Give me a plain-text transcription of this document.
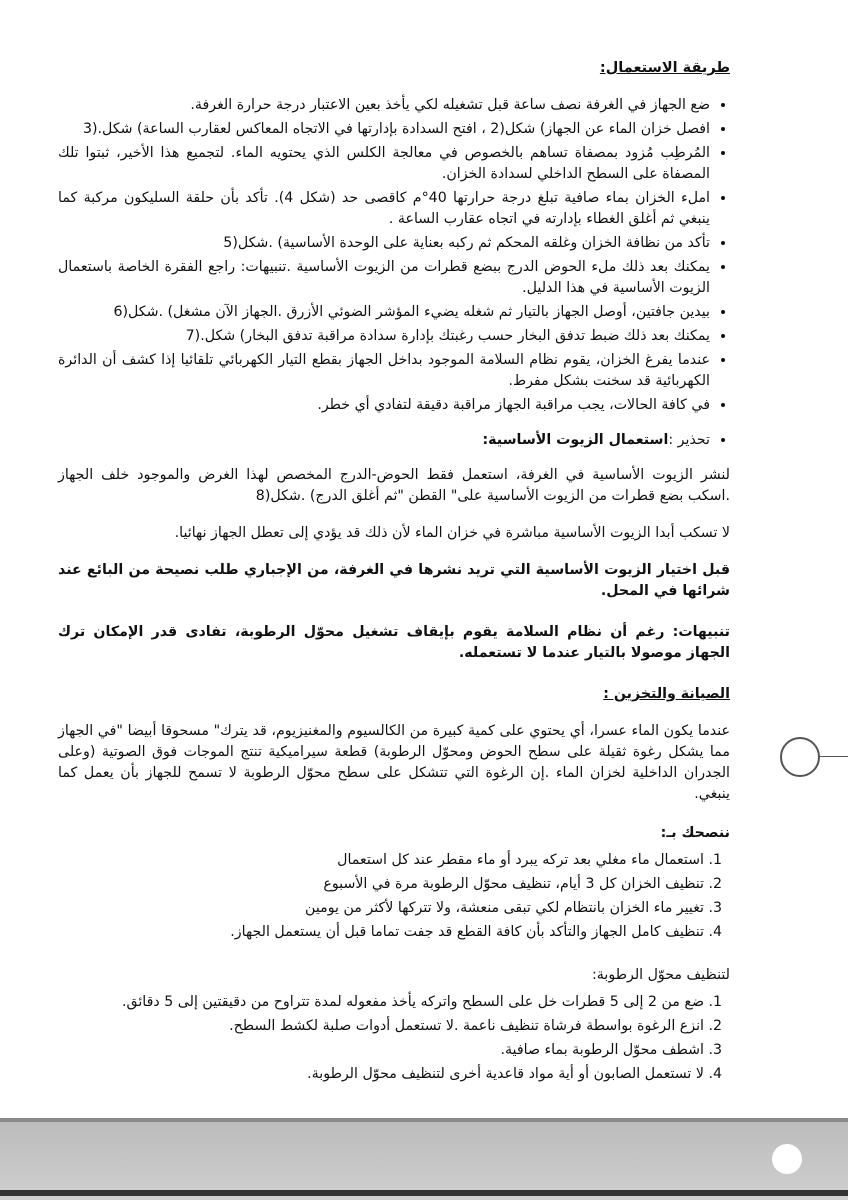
طريقة الاستعمال:
• ضع الجهاز في الغرفة نصف ساعة قبل تشغيله لكي يأخذ بعين الاعتبار درجة حرارة الغرفة.
• افصل خزان الماء عن الجهاز) شكل(2 ، افتح السدادة بإدارتها في الاتجاه المعاكس لعقارب الساعة) شكل.(3
• المُرطِب مُزود بمصفاة تساهم بالخصوص في معالجة الكلس الذي يحتويه الماء. لتجميع هذا الأخير، ثبتوا تلك المصفاة على السطح الداخلي لسدادة الخزان.
• املء الخزان بماء صافية تبلغ درجة حرارتها 40°م كاقصى حد (شكل 4). تأكد بأن حلقة السليكون مركبة كما ينبغي ثم أغلق الغطاء بإدارته في اتجاه عقارب الساعة .
• تأكد من نظافة الخزان وغلقه المحكم ثم ركبه بعناية على الوحدة الأساسية) .شكل(5
• يمكنك بعد ذلك ملء الحوض الدرج ببضع قطرات من الزيوت الأساسية .تنبيهات: راجع الفقرة الخاصة باستعمال الزيوت الأساسية في هذا الدليل.
• بيدين جافتين، أوصل الجهاز بالتيار ثم شغله يضيء المؤشر الضوئي الأزرق .الجهاز الآن مشغل) .شكل(6
• يمكنك بعد ذلك ضبط تدفق البخار حسب رغبتك بإدارة سدادة مراقبة تدفق البخار) شكل.(7
• عندما يفرغ الخزان، يقوم نظام السلامة الموجود بداخل الجهاز بقطع التيار الكهربائي تلقائيا إذا كشف أن الدائرة الكهربائية قد سخنت بشكل مفرط.
• في كافة الحالات، يجب مراقبة الجهاز مراقبة دقيقة لتفادي أي خطر.
• تحذير :استعمال الزيوت الأساسية:

لنشر الزيوت الأساسية في الغرفة، استعمل فقط الحوض-الدرج المخصص لهذا الغرض والموجود خلف الجهاز .اسكب بضع قطرات من الزيوت الأساسية على" القطن "ثم أغلق الدرج) .شكل(8

لا تسكب أبدا الزيوت الأساسية مباشرة في خزان الماء لأن ذلك قد يؤدي إلى تعطل الجهاز نهائيا.

قبل اختيار الزيوت الأساسية التي تريد نشرها في الغرفة، من الإجباري طلب نصيحة من البائع عند شرائها في المحل.

تنبيهات: رغم أن نظام السلامة يقوم بإيقاف تشغيل محوّل الرطوبة، تفادى قدر الإمكان ترك الجهاز موصولا بالتيار عندما لا تستعمله.

الصيانة والتخزين :

عندما يكون الماء عسرا، أي يحتوي على كمية كبيرة من الكالسيوم والمغنيزيوم، قد يترك" مسحوقا أبيضا "في الجهاز مما يشكل رغوة ثقيلة على سطح الحوض ومحوّل الرطوبة) قطعة سيراميكية تنتج الموجات فوق الصوتية (وعلى الجدران الداخلية لخزان الماء .إن الرغوة التي تتشكل على سطح محوّل الرطوبة لا تسمح للجهاز بأن يعمل كما ينبغي.

ننصحك بـ:

1. استعمال ماء مغلي بعد تركه يبرد أو ماء مقطر عند كل استعمال
2. تنظيف الخزان كل 3 أيام، تنظيف محوّل الرطوبة مرة في الأسبوع
3. تغيير ماء الخزان بانتظام لكي تبقى منعشة، ولا تتركها لأكثر من يومين
4. تنظيف كامل الجهاز والتأكد بأن كافة القطع قد جفت تماما قبل أن يستعمل الجهاز.

لتنظيف محوّل الرطوبة:

1. ضع من 2 إلى 5 قطرات خل على السطح واتركه يأخذ مفعوله لمدة تتراوح من دقيقتين إلى 5 دقائق.
2. انزع الرغوة بواسطة فرشاة تنظيف ناعمة .لا تستعمل أدوات صلبة لكشط السطح.
3. اشطف محوّل الرطوبة بماء صافية.
4. لا تستعمل الصابون أو أية مواد قاعدية أخرى لتنظيف محوّل الرطوبة.
